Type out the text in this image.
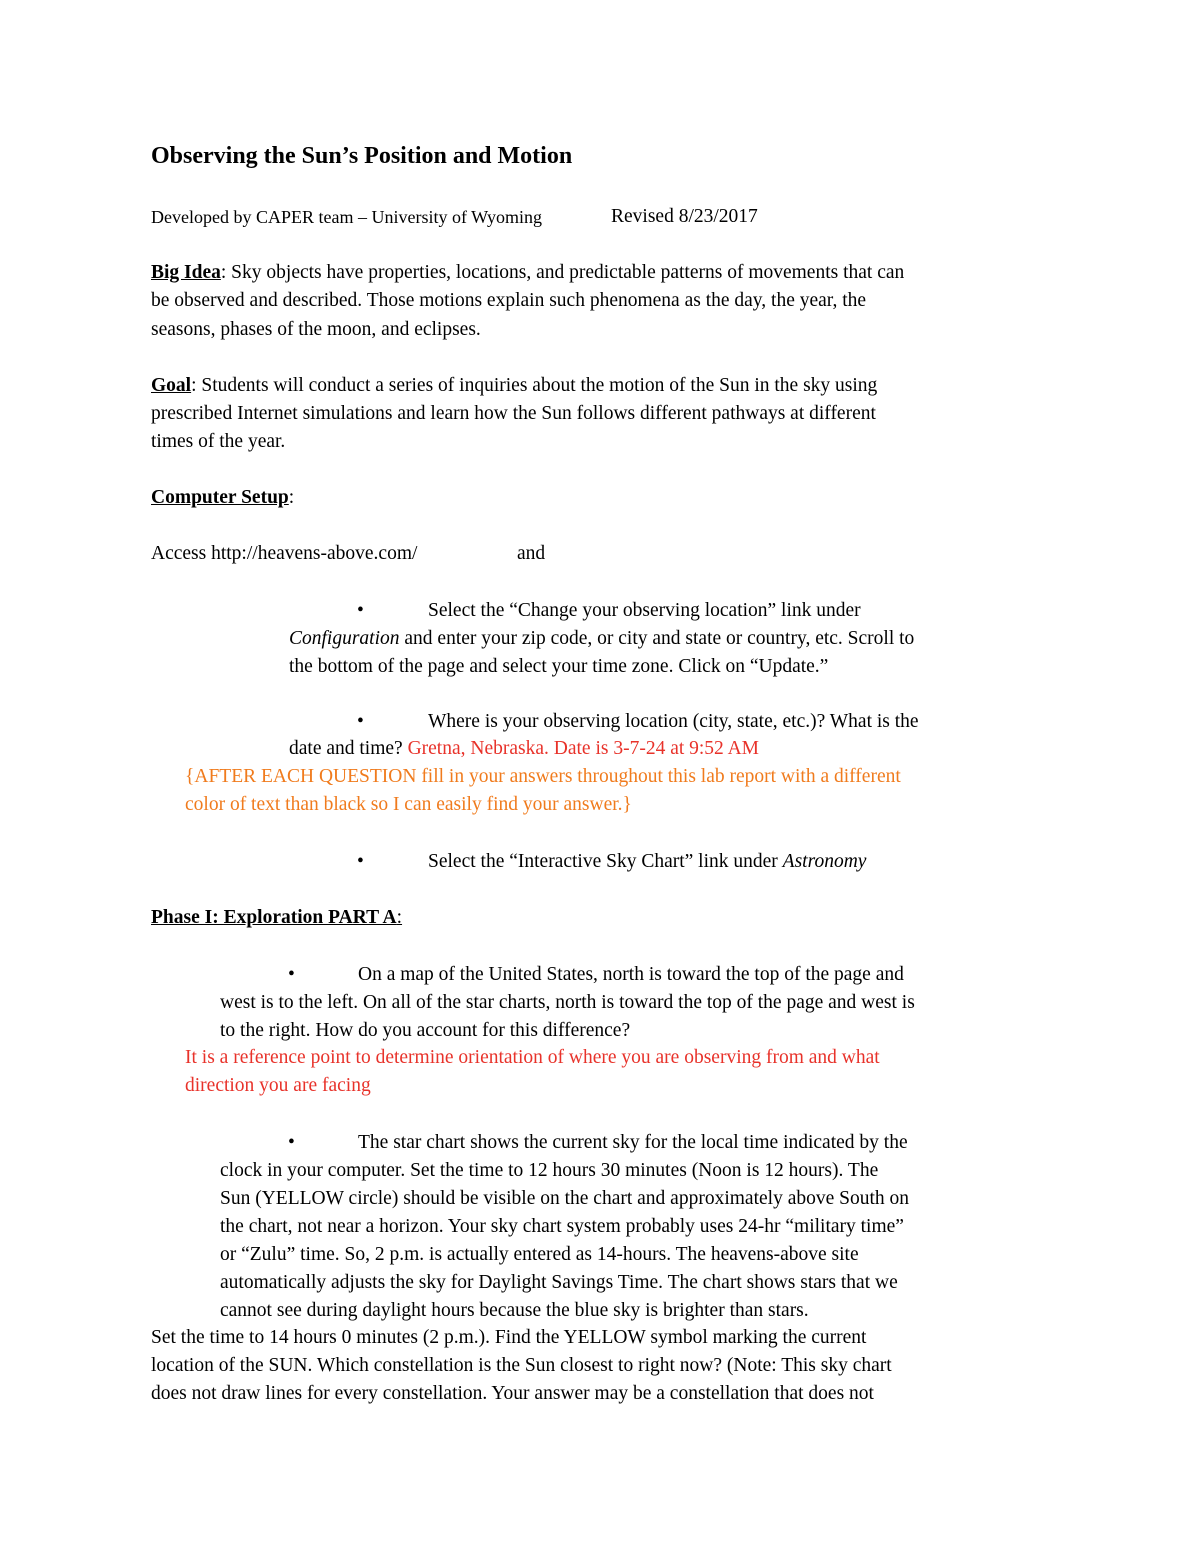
Observing the Sun’s Position and Motion
Developed by CAPER team – University of Wyoming	Revised 8/23/2017
Big Idea: Sky objects have properties, locations, and predictable patterns of movements that can
be observed and described. Those motions explain such phenomena as the day, the year, the
seasons, phases of the moon, and eclipses.
Goal: Students will conduct a series of inquiries about the motion of the Sun in the sky using
prescribed Internet simulations and learn how the Sun follows different pathways at different
times of the year.
Computer Setup:
Access http://heavens-above.com/	and
•	Select the “Change your observing location” link under
Configuration and enter your zip code, or city and state or country, etc. Scroll to
the bottom of the page and select your time zone. Click on “Update.”
•	Where is your observing location (city, state, etc.)? What is the
date and time? Gretna, Nebraska. Date is 3-7-24 at 9:52 AM
{AFTER EACH QUESTION fill in your answers throughout this lab report with a different
color of text than black so I can easily find your answer.}
•	Select the “Interactive Sky Chart” link under Astronomy
Phase I: Exploration PART A:
•	On a map of the United States, north is toward the top of the page and
west is to the left. On all of the star charts, north is toward the top of the page and west is
to the right. How do you account for this difference?
It is a reference point to determine orientation of where you are observing from and what
direction you are facing
•	The star chart shows the current sky for the local time indicated by the
clock in your computer. Set the time to 12 hours 30 minutes (Noon is 12 hours). The
Sun (YELLOW circle) should be visible on the chart and approximately above South on
the chart, not near a horizon. Your sky chart system probably uses 24-hr “military time”
or “Zulu” time. So, 2 p.m. is actually entered as 14-hours. The heavens-above site
automatically adjusts the sky for Daylight Savings Time. The chart shows stars that we
cannot see during daylight hours because the blue sky is brighter than stars.
Set the time to 14 hours 0 minutes (2 p.m.). Find the YELLOW symbol marking the current
location of the SUN. Which constellation is the Sun closest to right now? (Note: This sky chart
does not draw lines for every constellation. Your answer may be a constellation that does not
